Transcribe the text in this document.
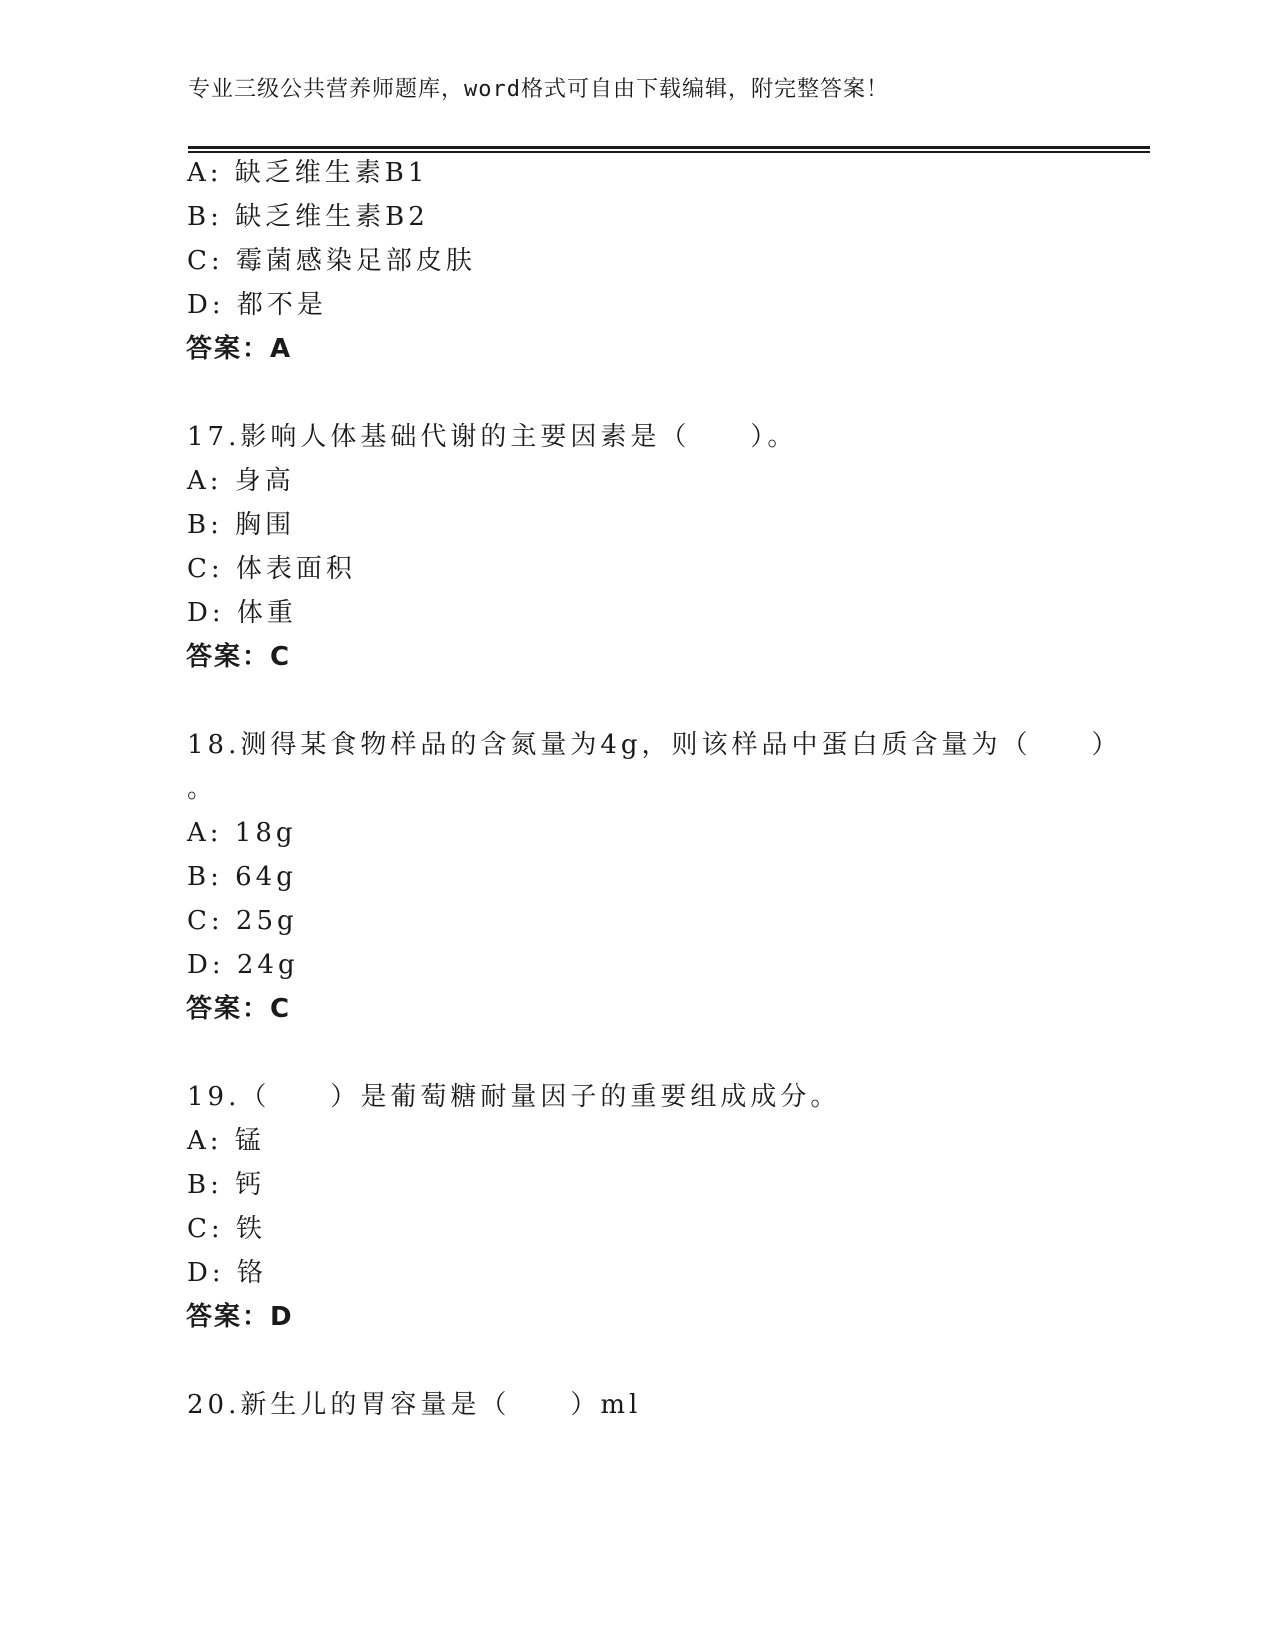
专业三级公共营养师题库，word格式可自由下载编辑，附完整答案！
A: 缺乏维生素B1
B: 缺乏维生素B2
C: 霉菌感染足部皮肤
D: 都不是
答案：A
17.影响人体基础代谢的主要因素是（　　）。
A: 身高
B: 胸围
C: 体表面积
D: 体重
答案：C
18.测得某食物样品的含氮量为4g，则该样品中蛋白质含量为（　　）
。
A: 18g
B: 64g
C: 25g
D: 24g
答案：C
19.（　　）是葡萄糖耐量因子的重要组成成分。
A: 锰
B: 钙
C: 铁
D: 铬
答案：D
20.新生儿的胃容量是（　　）ml
